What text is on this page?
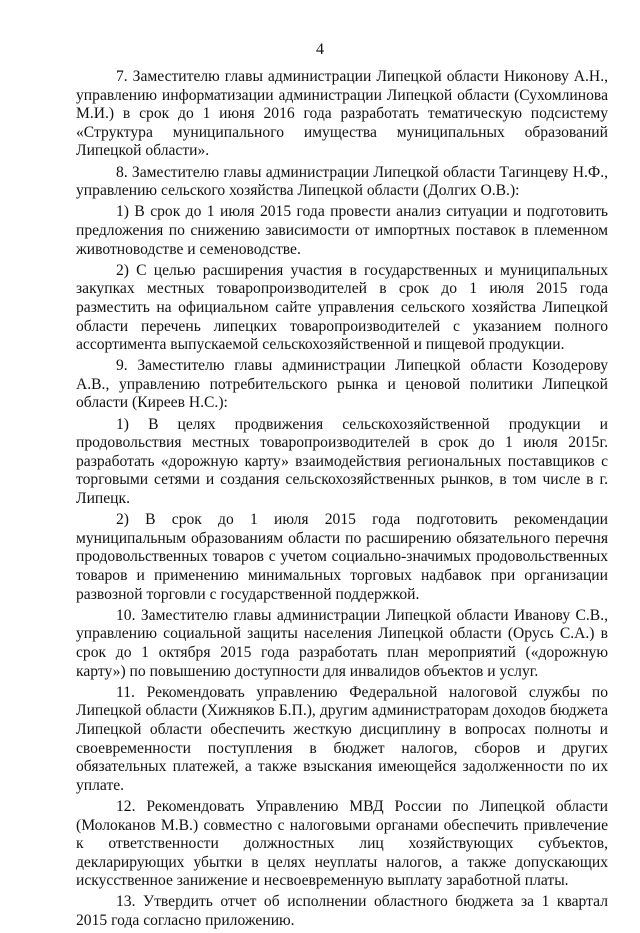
4

7. Заместителю главы администрации Липецкой области Никонову А.Н., управлению информатизации администрации Липецкой области (Сухомлинова М.И.) в срок до 1 июня 2016 года разработать тематическую подсистему «Структура муниципального имущества муниципальных образований Липецкой области».

8. Заместителю главы администрации Липецкой области Тагинцеву Н.Ф., управлению сельского хозяйства Липецкой области (Долгих О.В.):

1) В срок до 1 июля 2015 года провести анализ ситуации и подготовить предложения по снижению зависимости от импортных поставок в племенном животноводстве и семеноводстве.

2) С целью расширения участия в государственных и муниципальных закупках местных товаропроизводителей в срок до 1 июля 2015 года разместить на официальном сайте управления сельского хозяйства Липецкой области перечень липецких товаропроизводителей с указанием полного ассортимента выпускаемой сельскохозяйственной и пищевой продукции.

9. Заместителю главы администрации Липецкой области Козодерову А.В., управлению потребительского рынка и ценовой политики Липецкой области (Киреев Н.С.):

1) В целях продвижения сельскохозяйственной продукции и продовольствия местных товаропроизводителей в срок до 1 июля 2015г. разработать «дорожную карту» взаимодействия региональных поставщиков с торговыми сетями и создания сельскохозяйственных рынков, в том числе в г. Липецк.

2) В срок до 1 июля 2015 года подготовить рекомендации муниципальным образованиям области по расширению обязательного перечня продовольственных товаров с учетом социально-значимых продовольственных товаров и применению минимальных торговых надбавок при организации развозной торговли с государственной поддержкой.

10. Заместителю главы администрации Липецкой области Иванову С.В., управлению социальной защиты населения Липецкой области (Орусь С.А.) в срок до 1 октября 2015 года разработать план мероприятий («дорожную карту») по повышению доступности для инвалидов объектов и услуг.

11. Рекомендовать управлению Федеральной налоговой службы по Липецкой области (Хижняков Б.П.), другим администраторам доходов бюджета Липецкой области обеспечить жесткую дисциплину в вопросах полноты и своевременности поступления в бюджет налогов, сборов и других обязательных платежей, а также взыскания имеющейся задолженности по их уплате.

12. Рекомендовать Управлению МВД России по Липецкой области (Молоканов М.В.) совместно с налоговыми органами обеспечить привлечение к ответственности должностных лиц хозяйствующих субъектов, декларирующих убытки в целях неуплаты налогов, а также допускающих искусственное занижение и несвоевременную выплату заработной платы.

13. Утвердить отчет об исполнении областного бюджета за 1 квартал 2015 года согласно приложению.
